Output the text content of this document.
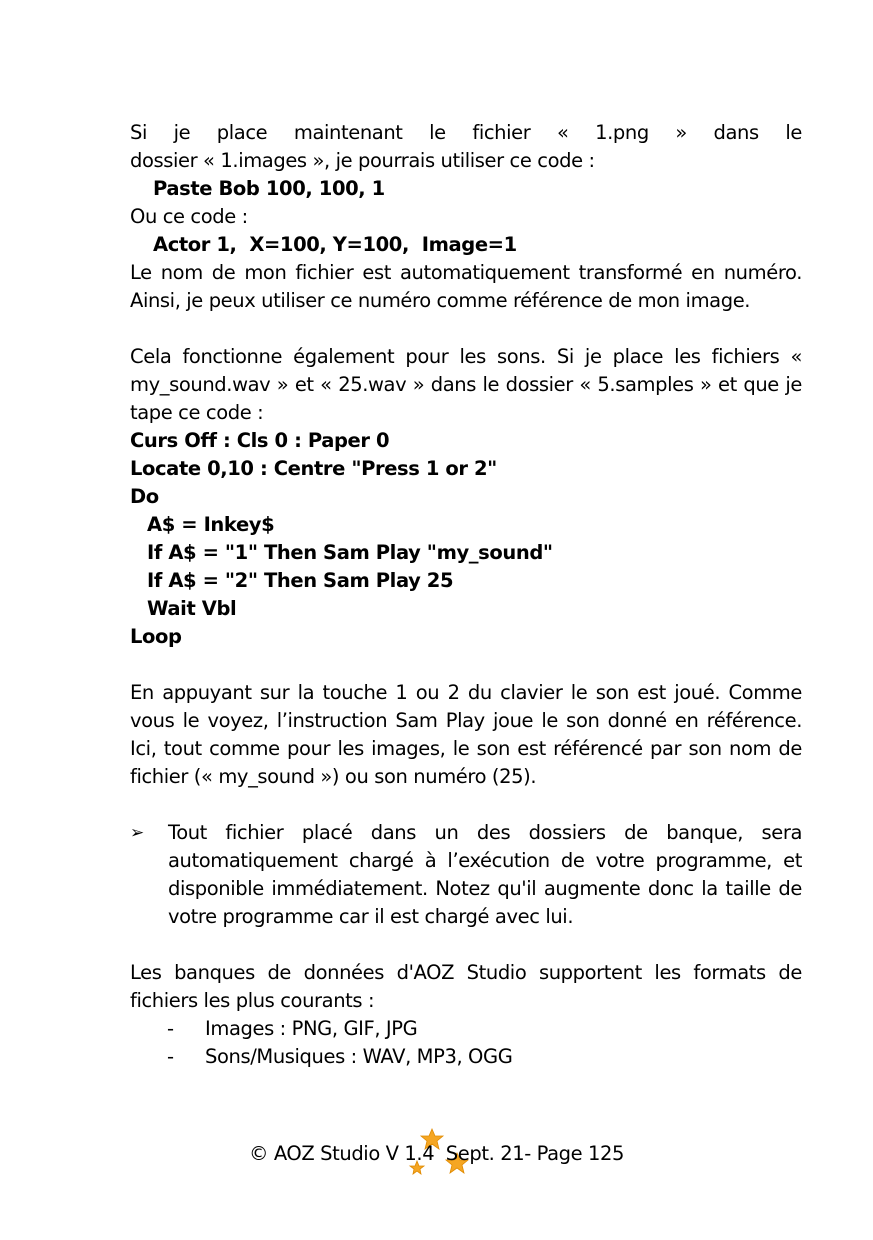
Si je place maintenant le fichier « 1.png » dans le
dossier « 1.images », je pourrais utiliser ce code :

Paste Bob 100, 100, 1

Ou ce code :

Actor 1,  X=100, Y=100,  Image=1

Le nom de mon fichier est automatiquement transformé en numéro. Ainsi, je peux utiliser ce numéro comme référence de mon image.

Cela fonctionne également pour les sons. Si je place les fichiers « my_sound.wav » et « 25.wav » dans le dossier « 5.samples » et que je tape ce code :

Curs Off : Cls 0 : Paper 0

Locate 0,10 : Centre "Press 1 or 2"

Do

A$ = Inkey$

If A$ = "1" Then Sam Play "my_sound"

If A$ = "2" Then Sam Play 25

Wait Vbl

Loop

En appuyant sur la touche 1 ou 2 du clavier le son est joué. Comme vous le voyez, l’instruction Sam Play joue le son donné en référence. Ici, tout comme pour les images, le son est référencé par son nom de fichier (« my_sound ») ou son numéro (25).

➢	Tout fichier placé dans un des dossiers de banque, sera automatiquement chargé à l’exécution de votre programme, et disponible immédiatement. Notez qu'il augmente donc la taille de votre programme car il est chargé avec lui.

Les banques de données d'AOZ Studio supportent les formats de fichiers les plus courants :

-	Images : PNG, GIF, JPG
-	Sons/Musiques : WAV, MP3, OGG
© AOZ Studio V 1.4  Sept. 21- Page 125
